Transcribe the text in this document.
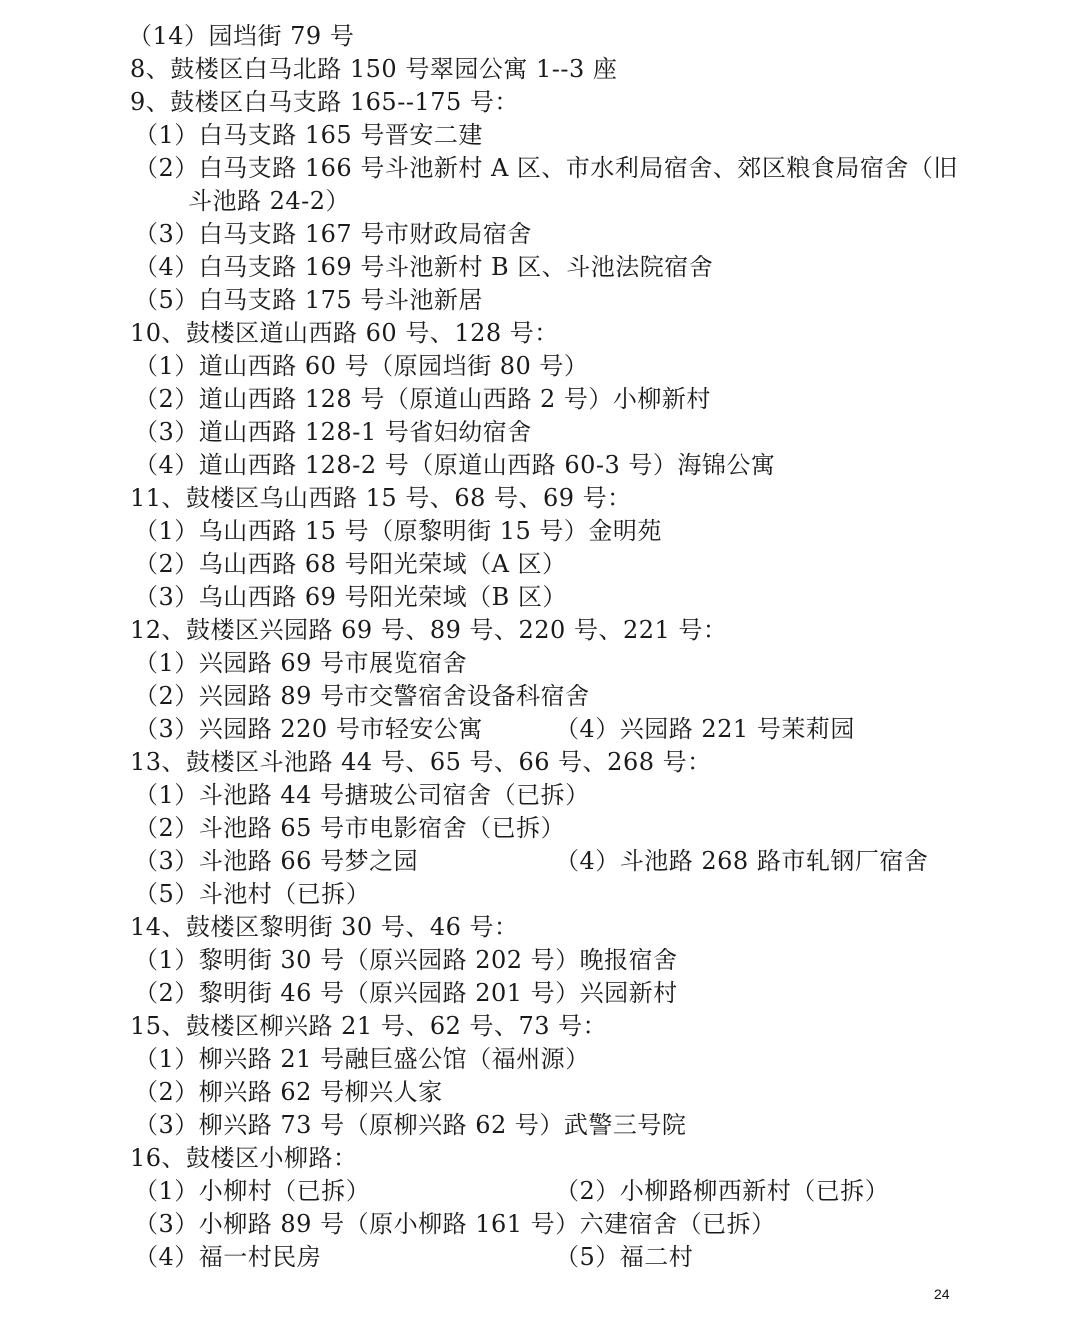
（14）园垱街 79 号
8、鼓楼区白马北路 150 号翠园公寓 1--3 座
9、鼓楼区白马支路 165--175 号：
（1）白马支路 165 号晋安二建
（2）白马支路 166 号斗池新村 A 区、市水利局宿舍、郊区粮食局宿舍（旧
斗池路 24-2）
（3）白马支路 167 号市财政局宿舍
（4）白马支路 169 号斗池新村 B 区、斗池法院宿舍
（5）白马支路 175 号斗池新居
10、鼓楼区道山西路 60 号、128 号：
（1）道山西路 60 号（原园垱街 80 号）
（2）道山西路 128 号（原道山西路 2 号）小柳新村
（3）道山西路 128-1 号省妇幼宿舍
（4）道山西路 128-2 号（原道山西路 60-3 号）海锦公寓
11、鼓楼区乌山西路 15 号、68 号、69 号：
（1）乌山西路 15 号（原黎明街 15 号）金明苑
（2）乌山西路 68 号阳光荣域（A 区）
（3）乌山西路 69 号阳光荣域（B 区）
12、鼓楼区兴园路 69 号、89 号、220 号、221 号：
（1）兴园路 69 号市展览宿舍
（2）兴园路 89 号市交警宿舍设备科宿舍
（3）兴园路 220 号市轻安公寓	（4）兴园路 221 号茉莉园
13、鼓楼区斗池路 44 号、65 号、66 号、268 号：
（1）斗池路 44 号搪玻公司宿舍（已拆）
（2）斗池路 65 号市电影宿舍（已拆）
（3）斗池路 66 号梦之园	（4）斗池路 268 路市轧钢厂宿舍
（5）斗池村（已拆）
14、鼓楼区黎明街 30 号、46 号：
（1）黎明街 30 号（原兴园路 202 号）晚报宿舍
（2）黎明街 46 号（原兴园路 201 号）兴园新村
15、鼓楼区柳兴路 21 号、62 号、73 号：
（1）柳兴路 21 号融巨盛公馆（福州源）
（2）柳兴路 62 号柳兴人家
（3）柳兴路 73 号（原柳兴路 62 号）武警三号院
16、鼓楼区小柳路：
（1）小柳村（已拆）	（2）小柳路柳西新村（已拆）
（3）小柳路 89 号（原小柳路 161 号）六建宿舍（已拆）
（4）福一村民房	（5）福二村
24
